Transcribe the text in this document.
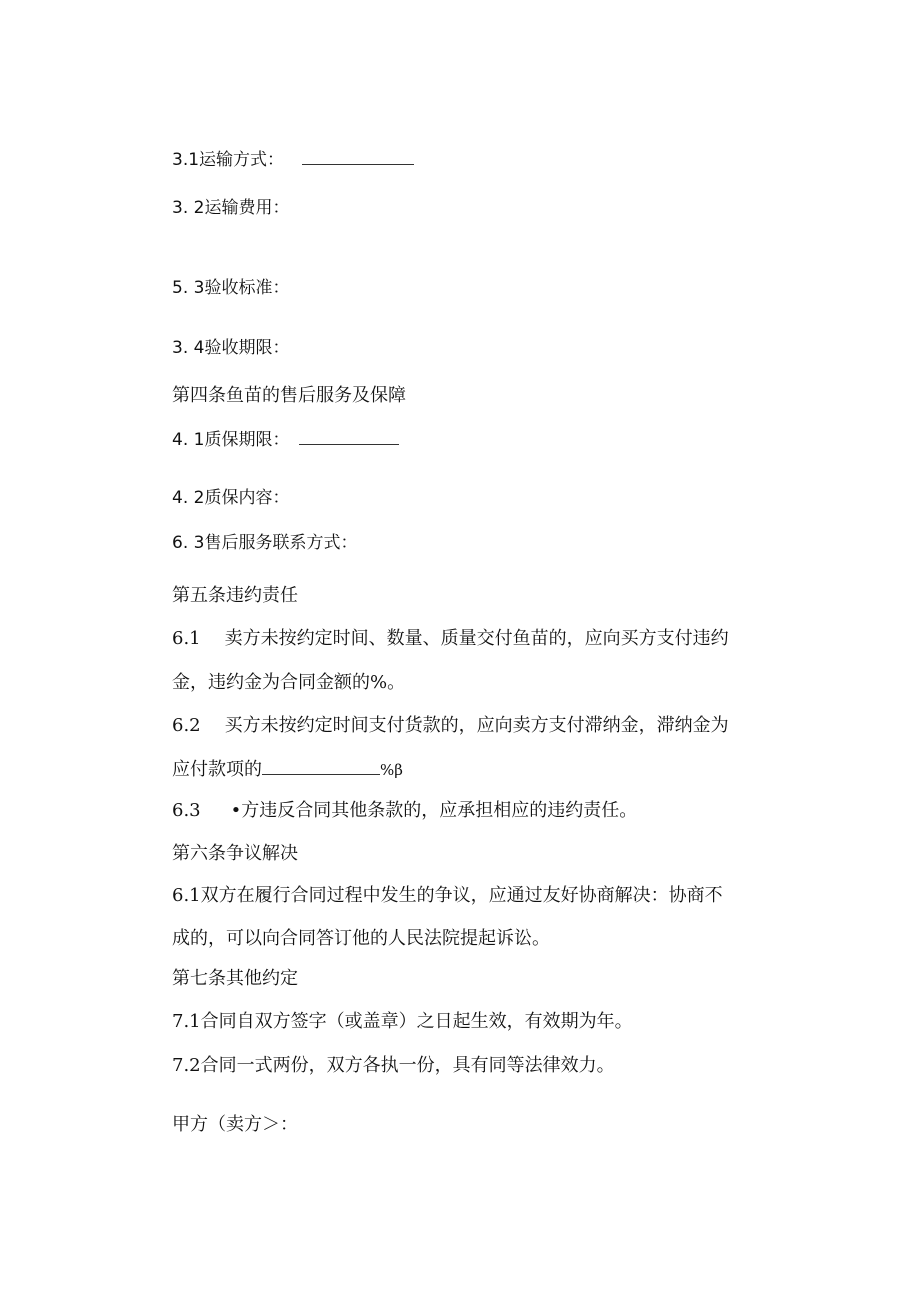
3.1运输方式：
3. 2运输费用：
5. 3验收标准：
3. 4验收期限：
第四条鱼苗的售后服务及保障
4. 1质保期限：
4. 2质保内容：
6. 3售后服务联系方式：
第五条违约责任
6.1 卖方未按约定时间、数量、质量交付鱼苗的，应向买方支付违约
金，违约金为合同金额的%。
6.2 买方未按约定时间支付货款的，应向卖方支付滞纳金，滞纳金为
应付款项的	%β
6.3 •方违反合同其他条款的，应承担相应的违约责任。
第六条争议解决
6.1双方在履行合同过程中发生的争议，应通过友好协商解决：协商不
成的，可以向合同答订他的人民法院提起诉讼。
第七条其他约定
7.1合同自双方签字（或盖章）之日起生效，有效期为年。
7.2合同一式两份，双方各执一份，具有同等法律效力。
甲方（卖方＞：
